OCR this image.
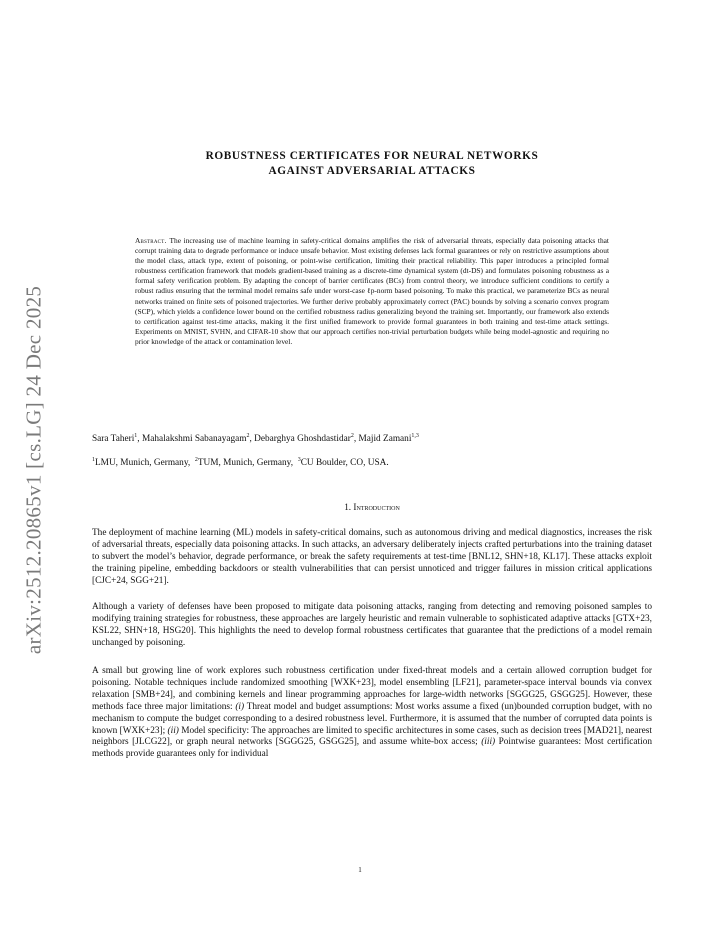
arXiv:2512.20865v1 [cs.LG] 24 Dec 2025
ROBUSTNESS CERTIFICATES FOR NEURAL NETWORKS
AGAINST ADVERSARIAL ATTACKS
Abstract. The increasing use of machine learning in safety-critical domains amplifies the risk of adversarial threats, especially data poisoning attacks that corrupt training data to degrade performance or induce unsafe behavior. Most existing defenses lack formal guarantees or rely on restrictive assumptions about the model class, attack type, extent of poisoning, or point-wise certification, limiting their practical reliability. This paper introduces a principled formal robustness certification framework that models gradient-based training as a discrete-time dynamical system (dt-DS) and formulates poisoning robustness as a formal safety verification problem. By adapting the concept of barrier certificates (BCs) from control theory, we introduce sufficient conditions to certify a robust radius ensuring that the terminal model remains safe under worst-case ℓp-norm based poisoning. To make this practical, we parameterize BCs as neural networks trained on finite sets of poisoned trajectories. We further derive probably approximately correct (PAC) bounds by solving a scenario convex program (SCP), which yields a confidence lower bound on the certified robustness radius generalizing beyond the training set. Importantly, our framework also extends to certification against test-time attacks, making it the first unified framework to provide formal guarantees in both training and test-time attack settings. Experiments on MNIST, SVHN, and CIFAR-10 show that our approach certifies non-trivial perturbation budgets while being model-agnostic and requiring no prior knowledge of the attack or contamination level.
Sara Taheri$^1$, Mahalakshmi Sabanayagam$^2$, Debarghya Ghoshdastidar$^2$, Majid Zamani$^{1,3}$
$^1$LMU, Munich, Germany, $^2$TUM, Munich, Germany, $^3$CU Boulder, CO, USA.
1. Introduction
The deployment of machine learning (ML) models in safety-critical domains, such as autonomous driving and medical diagnostics, increases the risk of adversarial threats, especially data poisoning attacks. In such attacks, an adversary deliberately injects crafted perturbations into the training dataset to subvert the model’s behavior, degrade performance, or break the safety requirements at test-time [BNL12, SHN+18, KL17]. These attacks exploit the training pipeline, embedding backdoors or stealth vulnerabilities that can persist unnoticed and trigger failures in mission critical applications [CJC+24, SGG+21].
Although a variety of defenses have been proposed to mitigate data poisoning attacks, ranging from detecting and removing poisoned samples to modifying training strategies for robustness, these approaches are largely heuristic and remain vulnerable to sophisticated adaptive attacks [GTX+23, KSL22, SHN+18, HSG20]. This highlights the need to develop formal robustness certificates that guarantee that the predictions of a model remain unchanged by poisoning.
A small but growing line of work explores such robustness certification under fixed-threat models and a certain allowed corruption budget for poisoning. Notable techniques include randomized smoothing [WXK+23], model ensembling [LF21], parameter-space interval bounds via convex relaxation [SMB+24], and combining kernels and linear programming approaches for large-width networks [SGGG25, GSGG25]. However, these methods face three major limitations: (i) Threat model and budget assumptions: Most works assume a fixed (un)bounded corruption budget, with no mechanism to compute the budget corresponding to a desired robustness level. Furthermore, it is assumed that the number of corrupted data points is known [WXK+23]; (ii) Model specificity: The approaches are limited to specific architectures in some cases, such as decision trees [MAD21], nearest neighbors [JLCG22], or graph neural networks [SGGG25, GSGG25], and assume white-box access; (iii) Pointwise guarantees: Most certification methods provide guarantees only for individual
1
